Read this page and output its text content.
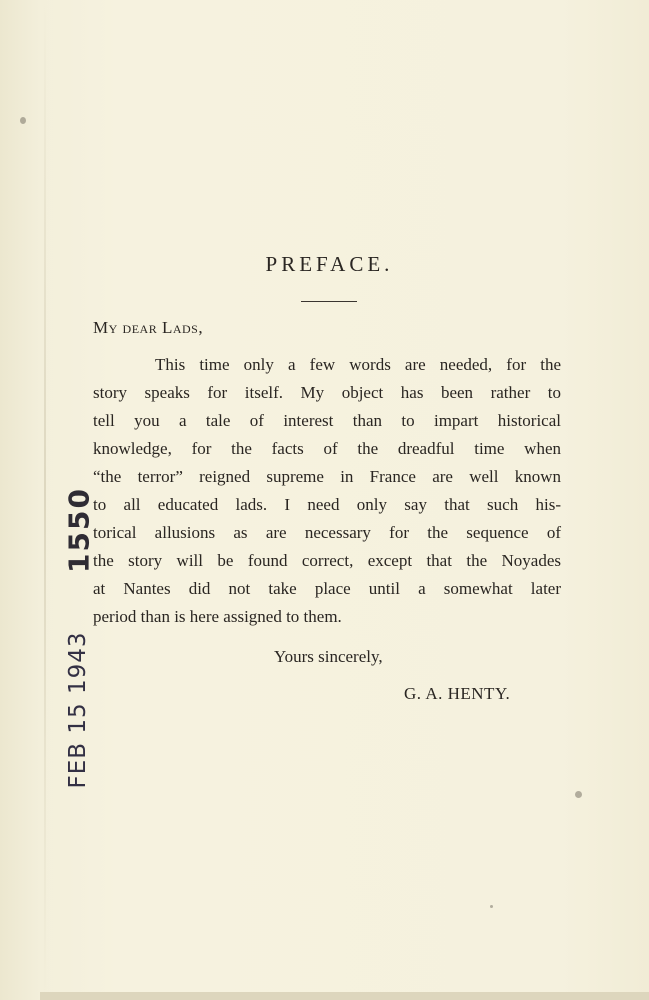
PREFACE.
My dear Lads,
This time only a few words are needed, for the
story speaks for itself. My object has been rather to
tell you a tale of interest than to impart historical
knowledge, for the facts of the dreadful time when
“the terror” reigned supreme in France are well known
to all educated lads. I need only say that such his-
torical allusions as are necessary for the sequence of
the story will be found correct, except that the Noyades
at Nantes did not take place until a somewhat later
period than is here assigned to them.
Yours sincerely,
G. A. HENTY.
1550
FEB 15 1943
